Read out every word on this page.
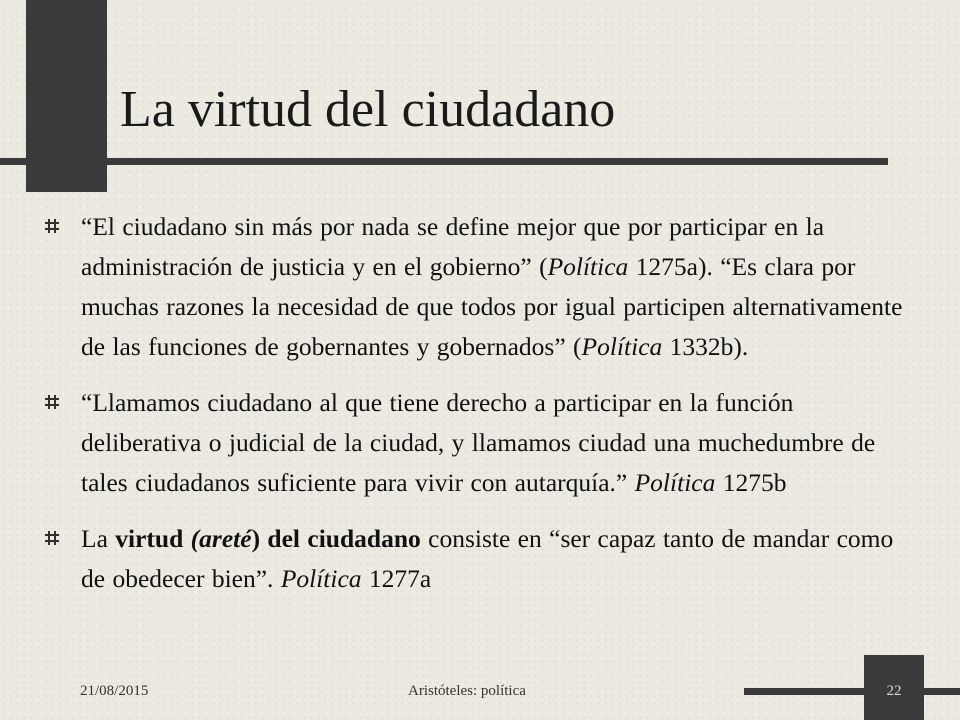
La virtud del ciudadano
“El ciudadano sin más por nada se define mejor que por participar en la administración de justicia y en el gobierno” (Política 1275a). “Es clara por muchas razones la necesidad de que todos por igual participen alternativamente de las funciones de gobernantes y gobernados” (Política 1332b).
“Llamamos ciudadano al que tiene derecho a participar en la función deliberativa o judicial de la ciudad, y llamamos ciudad una muchedumbre de tales ciudadanos suficiente para vivir con autarquía.” Política 1275b
La virtud (areté) del ciudadano consiste en “ser capaz tanto de mandar como de obedecer bien”. Política 1277a
21/08/2015	Aristóteles: política	22
